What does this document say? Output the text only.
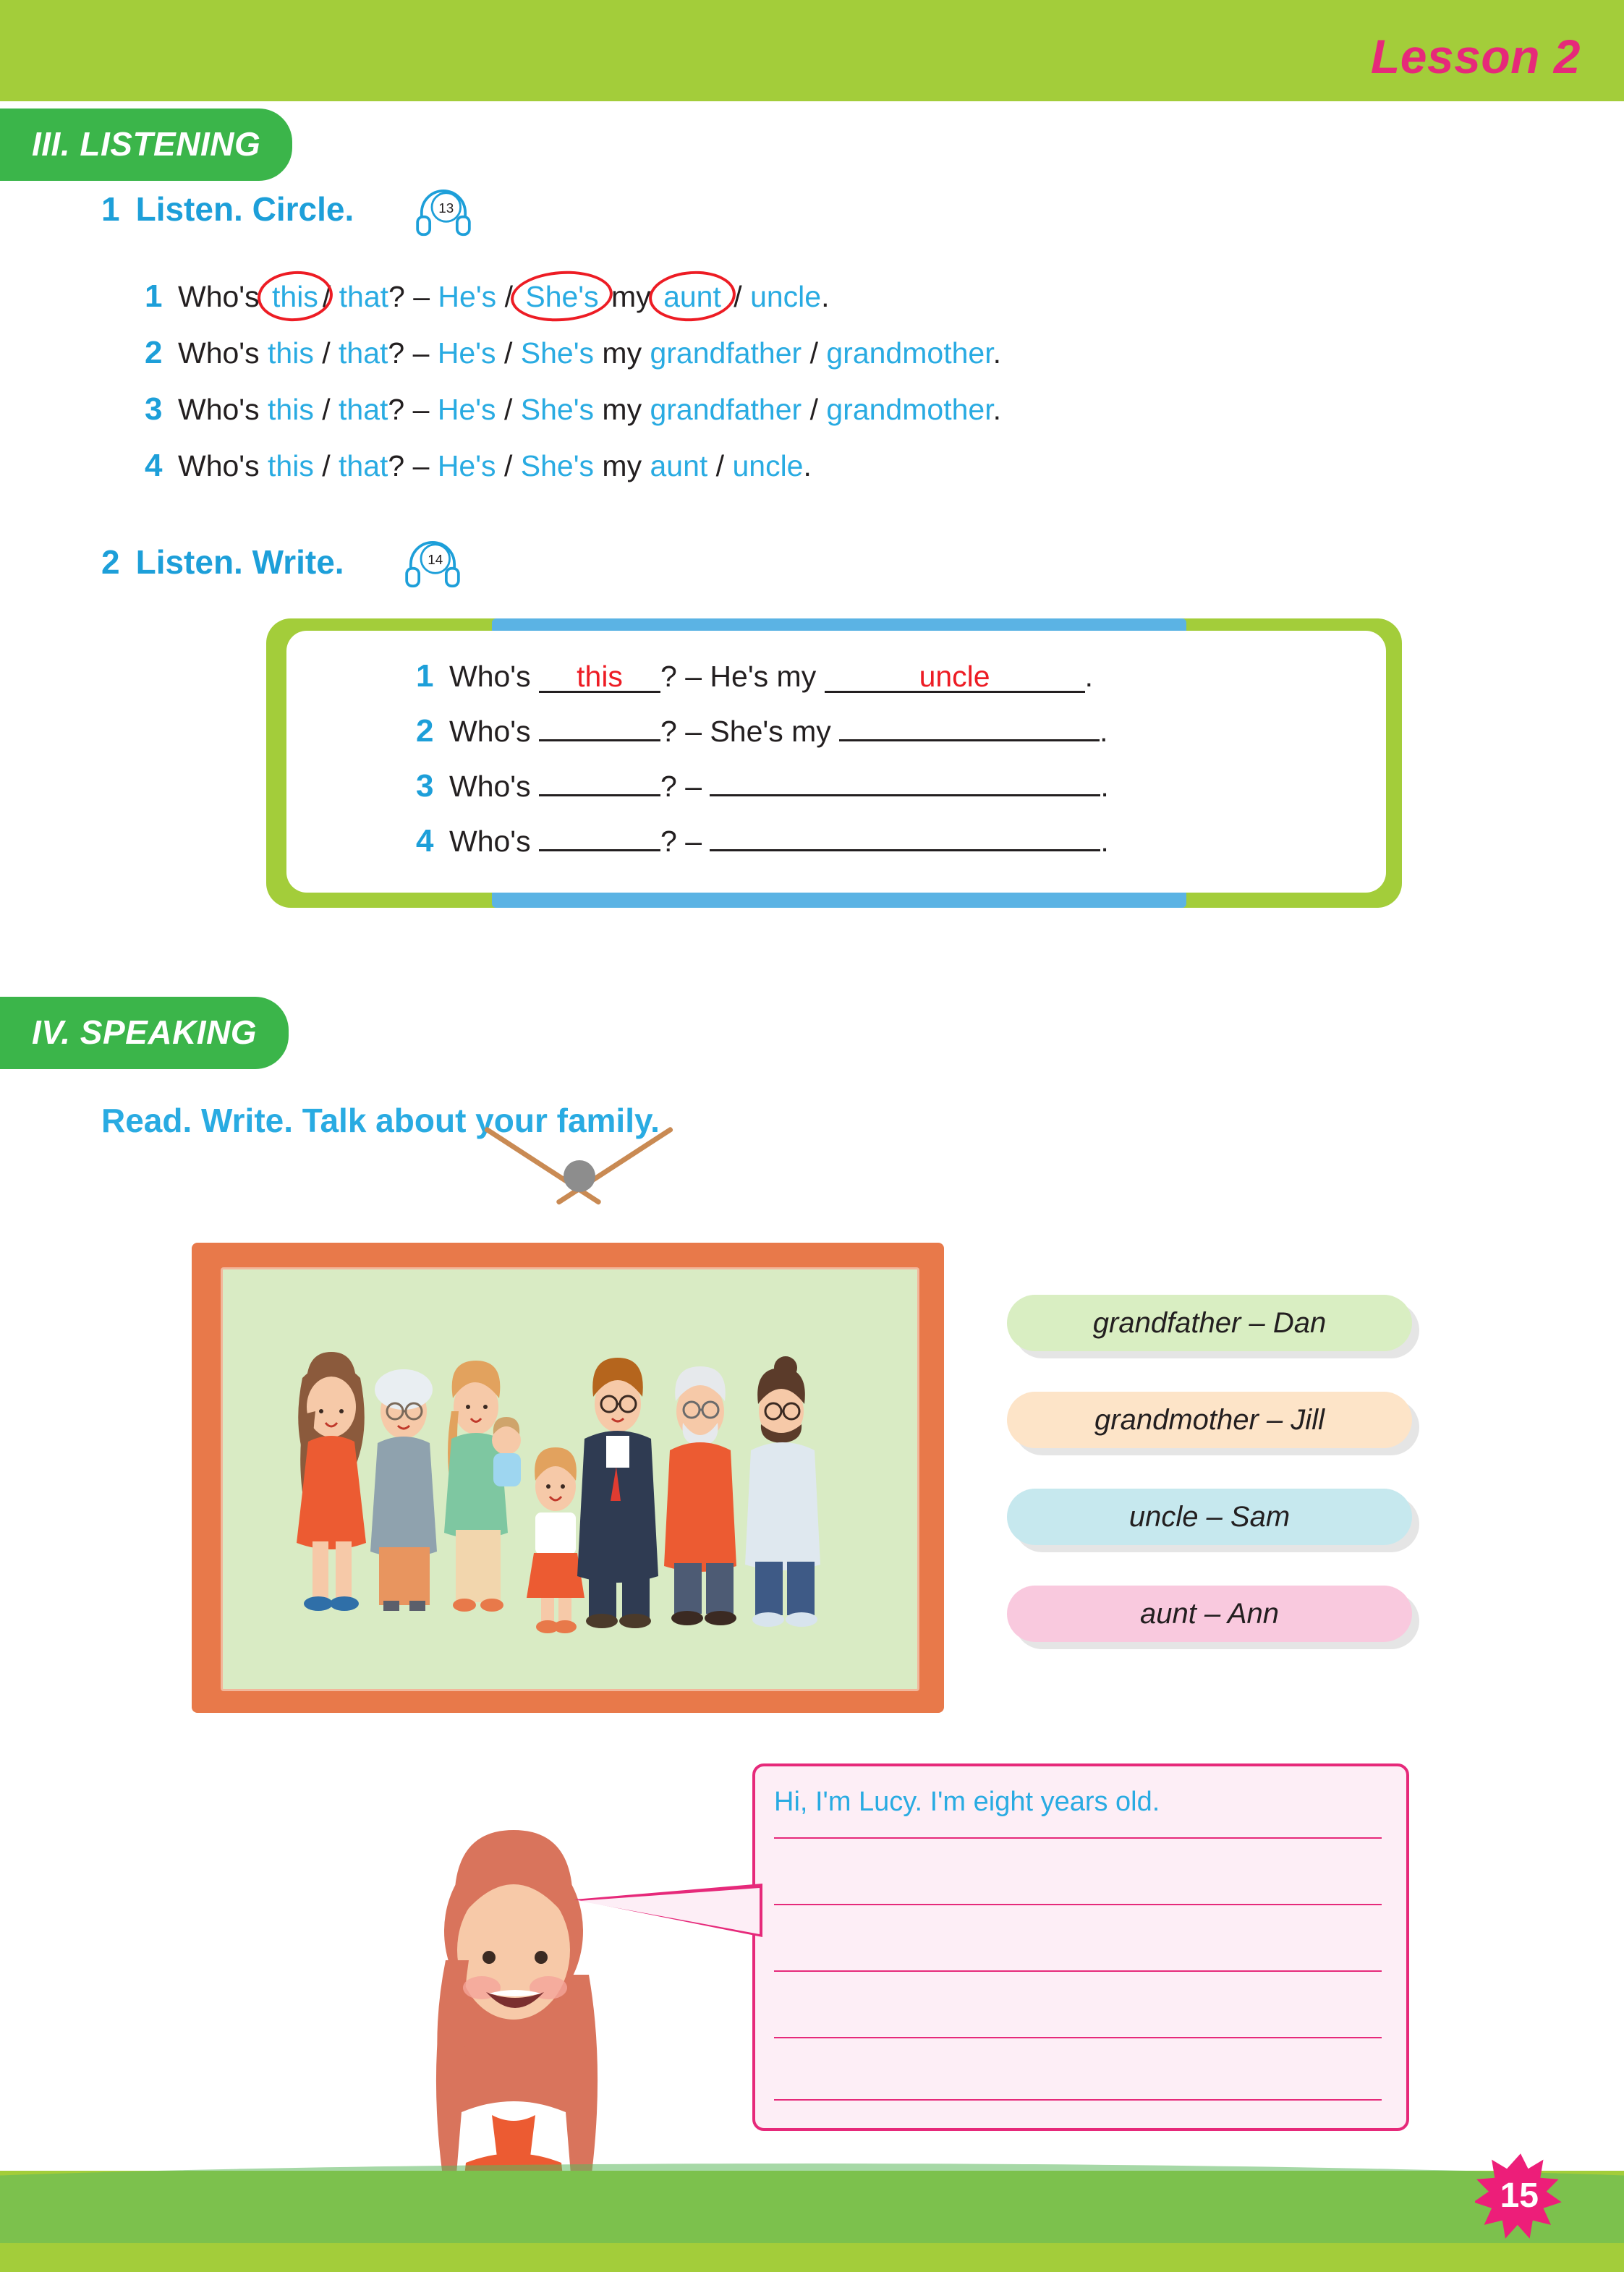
Lesson 2
III. LISTENING
1 Listen. Circle.	13
1 Who's this / that? – He's / She's my aunt / uncle.
2 Who's this / that? – He's / She's my grandfather / grandmother.
3 Who's this / that? – He's / She's my grandfather / grandmother.
4 Who's this / that? – He's / She's my aunt / uncle.
2 Listen. Write.	14
1 Who's this ? – He's my	uncle	.
2 Who's	? – She's my	.
3 Who's	? –	.
4 Who's	? –	.
IV. SPEAKING
Read. Write. Talk about your family.
grandfather – Dan
grandmother – Jill
uncle – Sam
aunt – Ann
Hi, I'm Lucy. I'm eight years old.
15
